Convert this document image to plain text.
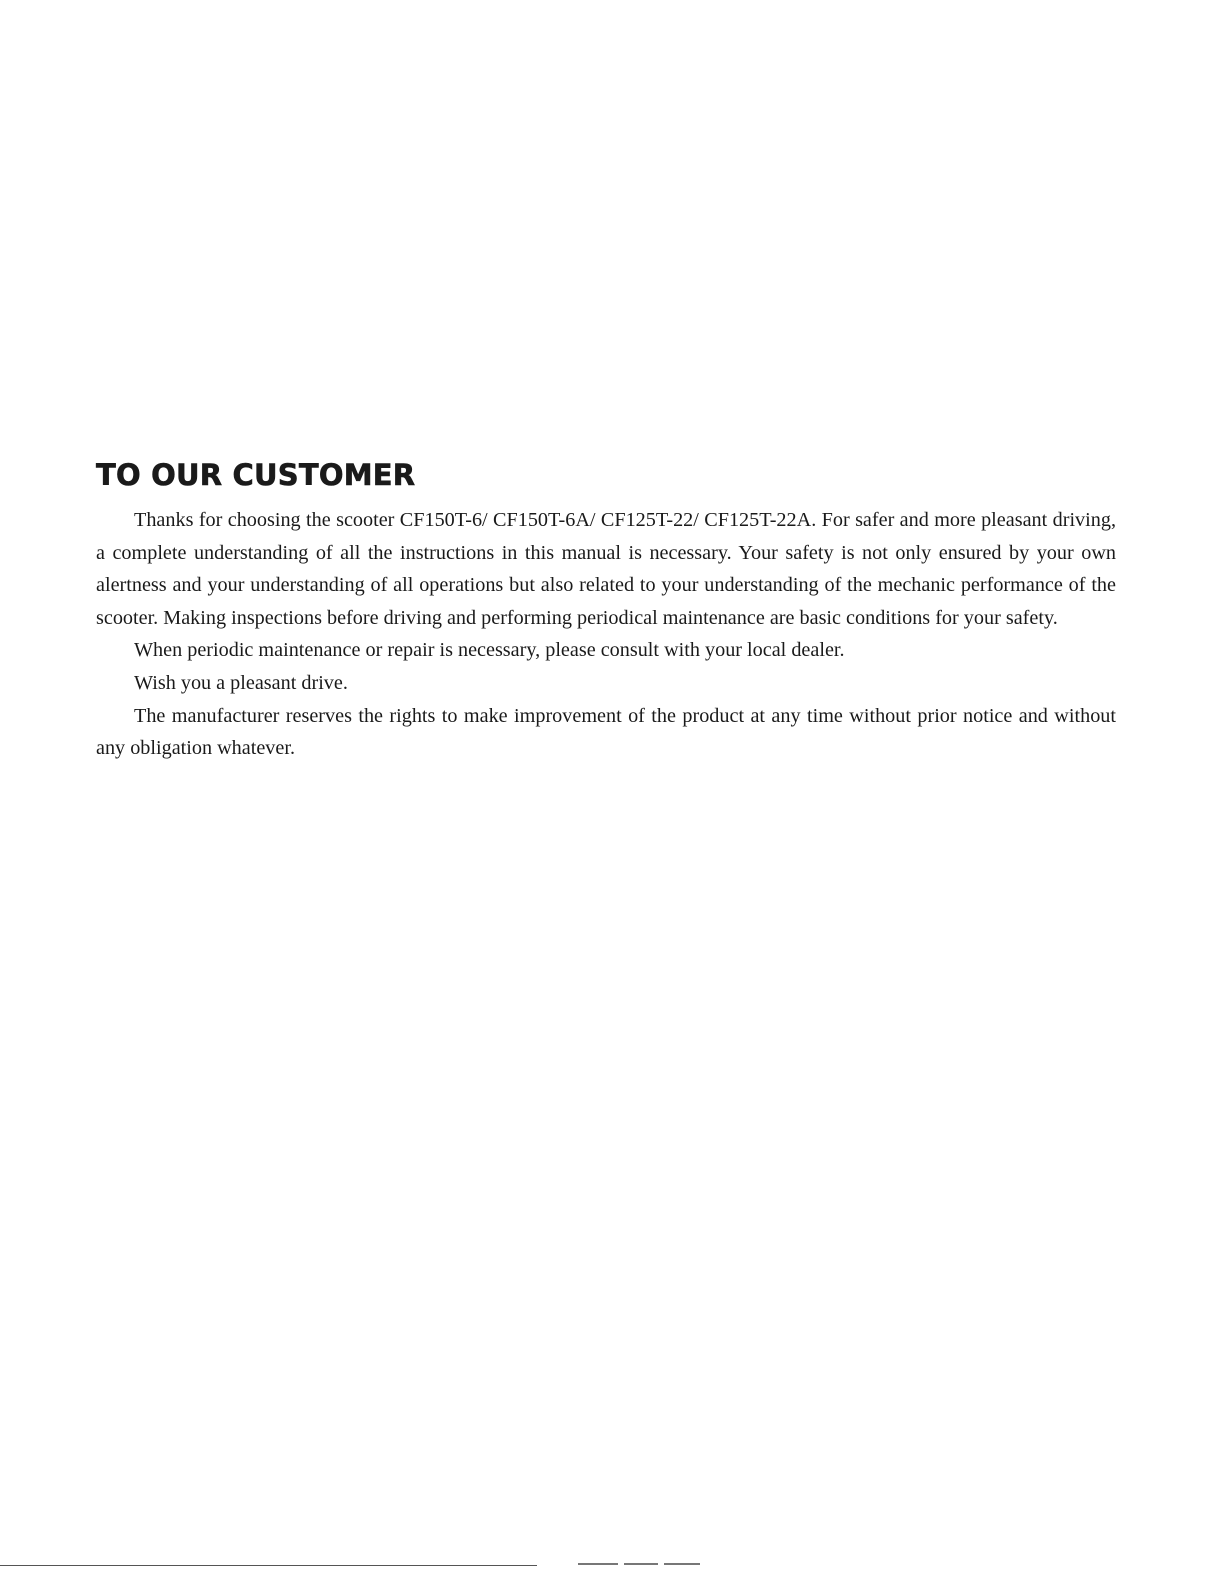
TO OUR CUSTOMER

Thanks for choosing the scooter CF150T-6/ CF150T-6A/ CF125T-22/ CF125T-22A. For safer and more pleasant driving, a complete understanding of all the instructions in this manual is necessary. Your safety is not only ensured by your own alertness and your understanding of all operations but also related to your understanding of the mechanic performance of the scooter. Making inspections before driving and performing periodical maintenance are basic conditions for your safety.

When periodic maintenance or repair is necessary, please consult with your local dealer.

Wish you a pleasant drive.

The manufacturer reserves the rights to make improvement of the product at any time without prior notice and without any obligation whatever.
